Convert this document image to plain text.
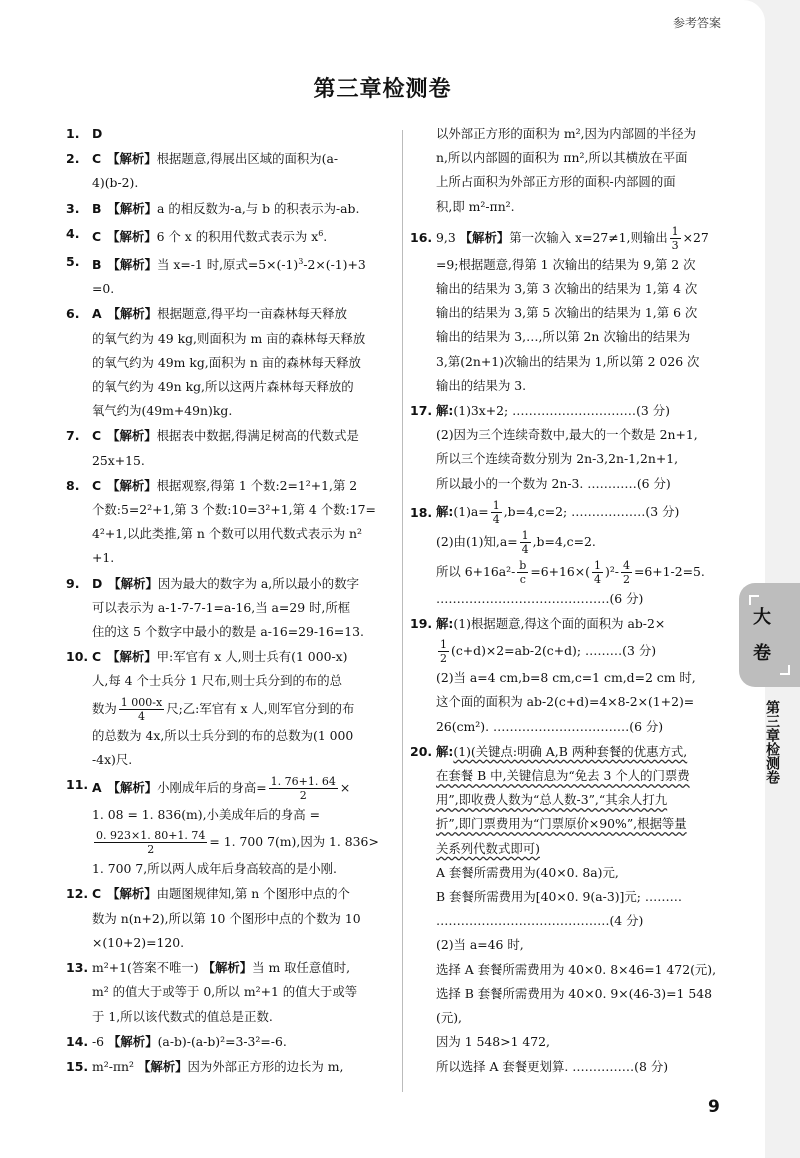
参考答案
第三章检测卷
1. D
2. C 【解析】根据题意,得展出区域的面积为(a-
4)(b-2).
3. B 【解析】a 的相反数为-a,与 b 的积表示为-ab.
4. C 【解析】6 个 x 的积用代数式表示为 $x^6$.
5. B 【解析】当 x=-1 时,原式$=5\times(-1)^3-2\times(-1)+3$
=0.
6. A 【解析】根据题意,得平均一亩森林每天释放
的氧气约为 49 kg,则面积为 m 亩的森林每天释放
的氧气约为 49m kg,面积为 n 亩的森林每天释放
的氧气约为 49n kg,所以这两片森林每天释放的
氧气约为(49m+49n)kg.
7. C 【解析】根据表中数据,得满足树高的代数式是
25x+15.
8. C 【解析】根据观察,得第 1 个数:2=1²+1,第 2
个数:5=2²+1,第 3 个数:10=3²+1,第 4 个数:17=
4²+1,以此类推,第 n 个数可以用代数式表示为 n²
+1.
9. D 【解析】因为最大的数字为 a,所以最小的数字
可以表示为 a-1-7-7-1=a-16,当 a=29 时,所框
住的这 5 个数字中最小的数是 a-16=29-16=13.
10. C 【解析】甲:军官有 x 人,则士兵有(1 000-x)
人,每 4 个士兵分 1 尺布,则士兵分到的布的总
数为 $\frac{1 000-x}{4}$ 尺;乙:军官有 x 人,则军官分到的布
的总数为 4x,所以士兵分到的布的总数为(1 000
-4x)尺.
11. A 【解析】小刚成年后的身高= $\frac{1. 76+1. 64}{2}$ ×
1. 08 = 1. 836(m),小美成年后的身高 =
$\frac{0. 923\times 1. 80+1. 74}{2} = 1$. 700 7(m),因为 1. 836>
1. 700 7,所以两人成年后身高较高的是小刚.
12. C 【解析】由题图规律知,第 n 个图形中点的个
数为 n(n+2),所以第 10 个图形中点的个数为 10
×(10+2)=120.
13. m²+1(答案不唯一) 【解析】当 m 取任意值时,
m² 的值大于或等于 0,所以 m²+1 的值大于或等
于 1,所以该代数式的值总是正数.
14. -6 【解析】(a-b)-(a-b)²=3-3²=-6.
15. m²-πn² 【解析】因为外部正方形的边长为 m,
以外部正方形的面积为 m²,因为内部圆的半径为
n,所以内部圆的面积为 πn²,所以其横放在平面
上所占面积为外部正方形的面积-内部圆的面
积,即 m²-πn².
16. 9,3 【解析】第一次输入 x=27≠1,则输出 $\frac{1}{3} \times 27$
=9;根据题意,得第 1 次输出的结果为 9,第 2 次
输出的结果为 3,第 3 次输出的结果为 1,第 4 次
输出的结果为 3,第 5 次输出的结果为 1,第 6 次
输出的结果为 3,…,所以第 2n 次输出的结果为
3,第(2n+1)次输出的结果为 1,所以第 2 026 次
输出的结果为 3.
17. 解:(1)3x+2; …………………………(3 分)
(2)因为三个连续奇数中,最大的一个数是 2n+1,
所以三个连续奇数分别为 2n-3,2n-1,2n+1,
所以最小的一个数为 2n-3. …………(6 分)
18. 解:(1)a= $\frac{1}{4} ,b=4,c=2$; ………………(3 分)
(2)由(1)知$,a= \frac{1}{4} ,b=4,c=2$.
所以 $6+16a^2- \frac{b}{c} =6+16\times( \frac{1}{4} )^2- \frac{4}{2} =6+1-2=5$.
……………………………………(6 分)
19. 解:(1)根据题意,得这个面的面积为 ab-2×
$\frac{1}{2} (c+d)\times 2=ab-2(c+d)$; ………(3 分)
(2)当 a=4 cm,b=8 cm,c=1 cm,d=2 cm 时,
这个面的面积为 ab-2(c+d)=4×8-2×(1+2)=
26(cm²). ……………………………(6 分)
20. 解:(1)(关键点:明确 A,B 两种套餐的优惠方式,
在套餐 B 中,关键信息为“免去 3 个人的门票费
用”,即收费人数为“总人数-3”,“其余人打九
折”,即门票费用为“门票原价×90%”,根据等量
关系列代数式即可)
A 套餐所需费用为(40×0. 8a)元,
B 套餐所需费用为[40×0. 9(a-3)]元; ………
……………………………………(4 分)
(2)当 a=46 时,
选择 A 套餐所需费用为 40×0. 8×46=1 472(元),
选择 B 套餐所需费用为 40×0. 9×(46-3)=1 548
(元),
因为 1 548>1 472,
所以选择 A 套餐更划算. ……………(8 分)
9
大
卷
第三章检测卷
